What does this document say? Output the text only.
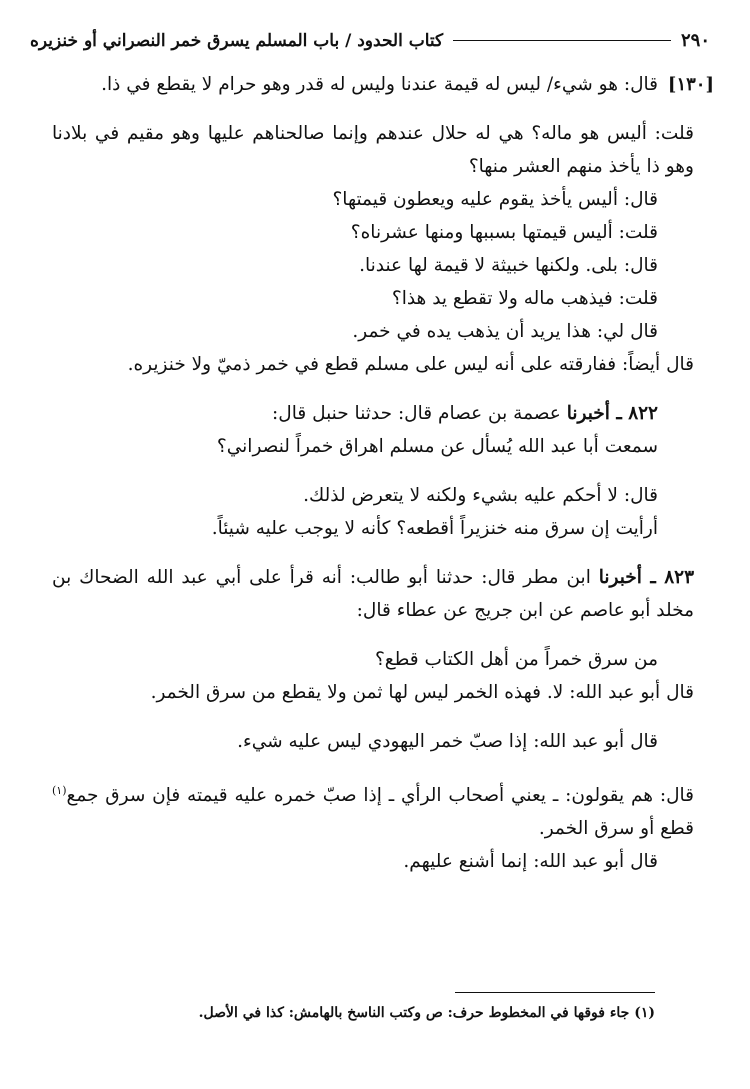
٢٩٠
كتاب الحدود / باب المسلم يسرق خمر النصراني أو خنزيره
[١٣٠]

قال: هو شيء/ ليس له قيمة عندنا وليس له قدر وهو حرام لا يقطع في ذا.

قلت: أليس هو ماله؟ هي له حلال عندهم وإنما صالحناهم عليها وهو مقيم في بلادنا وهو ذا يأخذ منهم العشر منها؟

قال: أليس يأخذ يقوم عليه ويعطون قيمتها؟

قلت: أليس قيمتها بسببها ومنها عشرناه؟

قال: بلى. ولكنها خبيثة لا قيمة لها عندنا.

قلت: فيذهب ماله ولا تقطع يد هذا؟

قال لي: هذا يريد أن يذهب يده في خمر.

قال أيضاً: ففارقته على أنه ليس على مسلم قطع في خمر ذميّ ولا خنزيره.

٨٢٢ ـ أخبرنا عصمة بن عصام قال: حدثنا حنبل قال:

سمعت أبا عبد الله يُسأل عن مسلم اهراق خمراً لنصراني؟

قال: لا أحكم عليه بشيء ولكنه لا يتعرض لذلك.

أرأيت إن سرق منه خنزيراً أقطعه؟ كأنه لا يوجب عليه شيئاً.

٨٢٣ ـ أخبرنا ابن مطر قال: حدثنا أبو طالب: أنه قرأ على أبي عبد الله الضحاك بن مخلد أبو عاصم عن ابن جريج عن عطاء قال:

من سرق خمراً من أهل الكتاب قطع؟

قال أبو عبد الله: لا. فهذه الخمر ليس لها ثمن ولا يقطع من سرق الخمر.

قال أبو عبد الله: إذا صبّ خمر اليهودي ليس عليه شيء.

قال: هم يقولون: ـ يعني أصحاب الرأي ـ إذا صبّ خمره عليه قيمته فإن سرق جمع$^{(١)}$ قطع أو سرق الخمر.

قال أبو عبد الله: إنما أشنع عليهم.

(١) جاء فوقها في المخطوط حرف: ص وكتب الناسخ بالهامش: كذا في الأصل.
